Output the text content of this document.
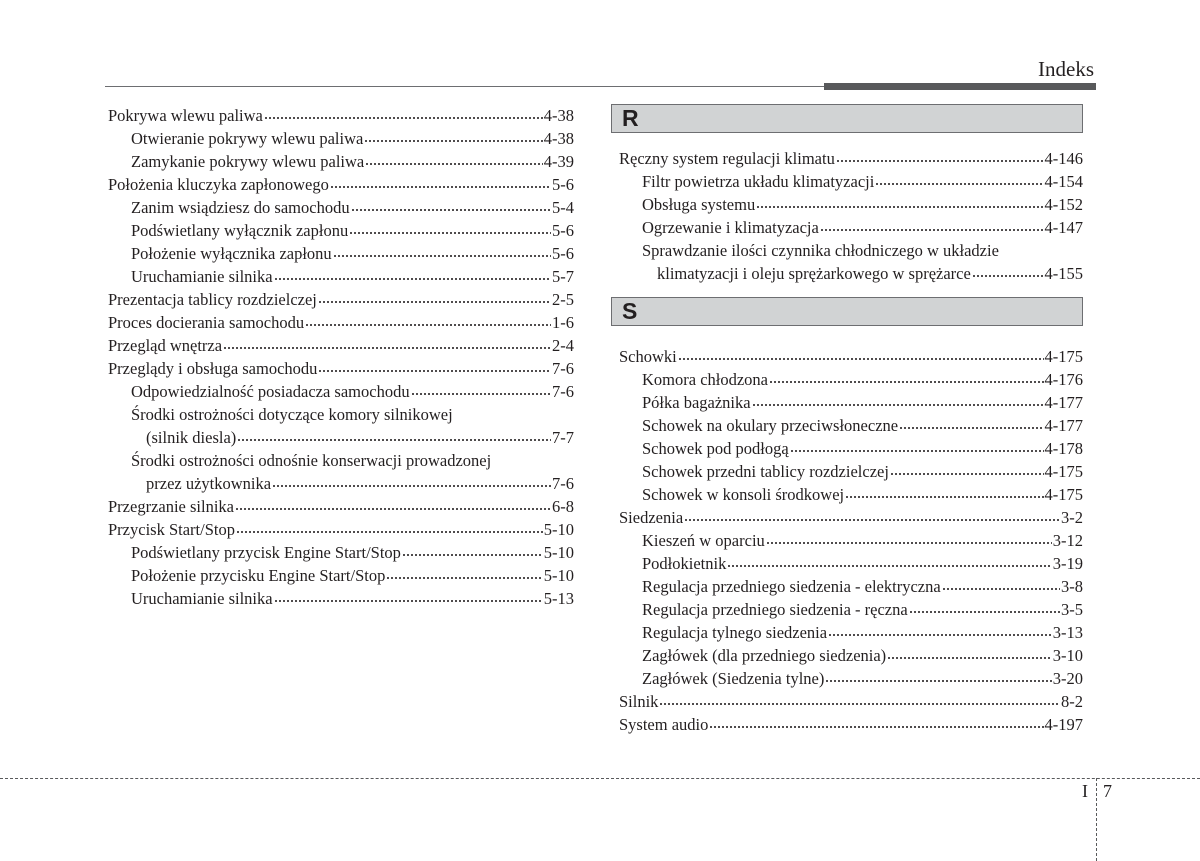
Indeks
Pokrywa wlewu paliwa	4-38
Otwieranie pokrywy wlewu paliwa	4-38
Zamykanie pokrywy wlewu paliwa	4-39
Położenia kluczyka zapłonowego	5-6
Zanim wsiądziesz do samochodu	5-4
Podświetlany wyłącznik zapłonu	5-6
Położenie wyłącznika zapłonu	5-6
Uruchamianie silnika	5-7
Prezentacja tablicy rozdzielczej	2-5
Proces docierania samochodu	1-6
Przegląd wnętrza	2-4
Przeglądy i obsługa samochodu	7-6
Odpowiedzialność posiadacza samochodu	7-6
Środki ostrożności dotyczące komory silnikowej
(silnik diesla)	7-7
Środki ostrożności odnośnie konserwacji prowadzonej
przez użytkownika	7-6
Przegrzanie silnika	6-8
Przycisk Start/Stop	5-10
Podświetlany przycisk Engine Start/Stop	5-10
Położenie przycisku Engine Start/Stop	5-10
Uruchamianie silnika	5-13
R
Ręczny system regulacji klimatu	4-146
Filtr powietrza układu klimatyzacji	4-154
Obsługa systemu	4-152
Ogrzewanie i klimatyzacja	4-147
Sprawdzanie ilości czynnika chłodniczego w układzie
klimatyzacji i oleju sprężarkowego w sprężarce	4-155
S
Schowki	4-175
Komora chłodzona	4-176
Półka bagażnika	4-177
Schowek na okulary przeciwsłoneczne	4-177
Schowek pod podłogą	4-178
Schowek przedni tablicy rozdzielczej	4-175
Schowek w konsoli środkowej	4-175
Siedzenia	3-2
Kieszeń w oparciu	3-12
Podłokietnik	3-19
Regulacja przedniego siedzenia - elektryczna	3-8
Regulacja przedniego siedzenia - ręczna	3-5
Regulacja tylnego siedzenia	3-13
Zagłówek (dla przedniego siedzenia)	3-10
Zagłówek (Siedzenia tylne)	3-20
Silnik	8-2
System audio	4-197
I 7
